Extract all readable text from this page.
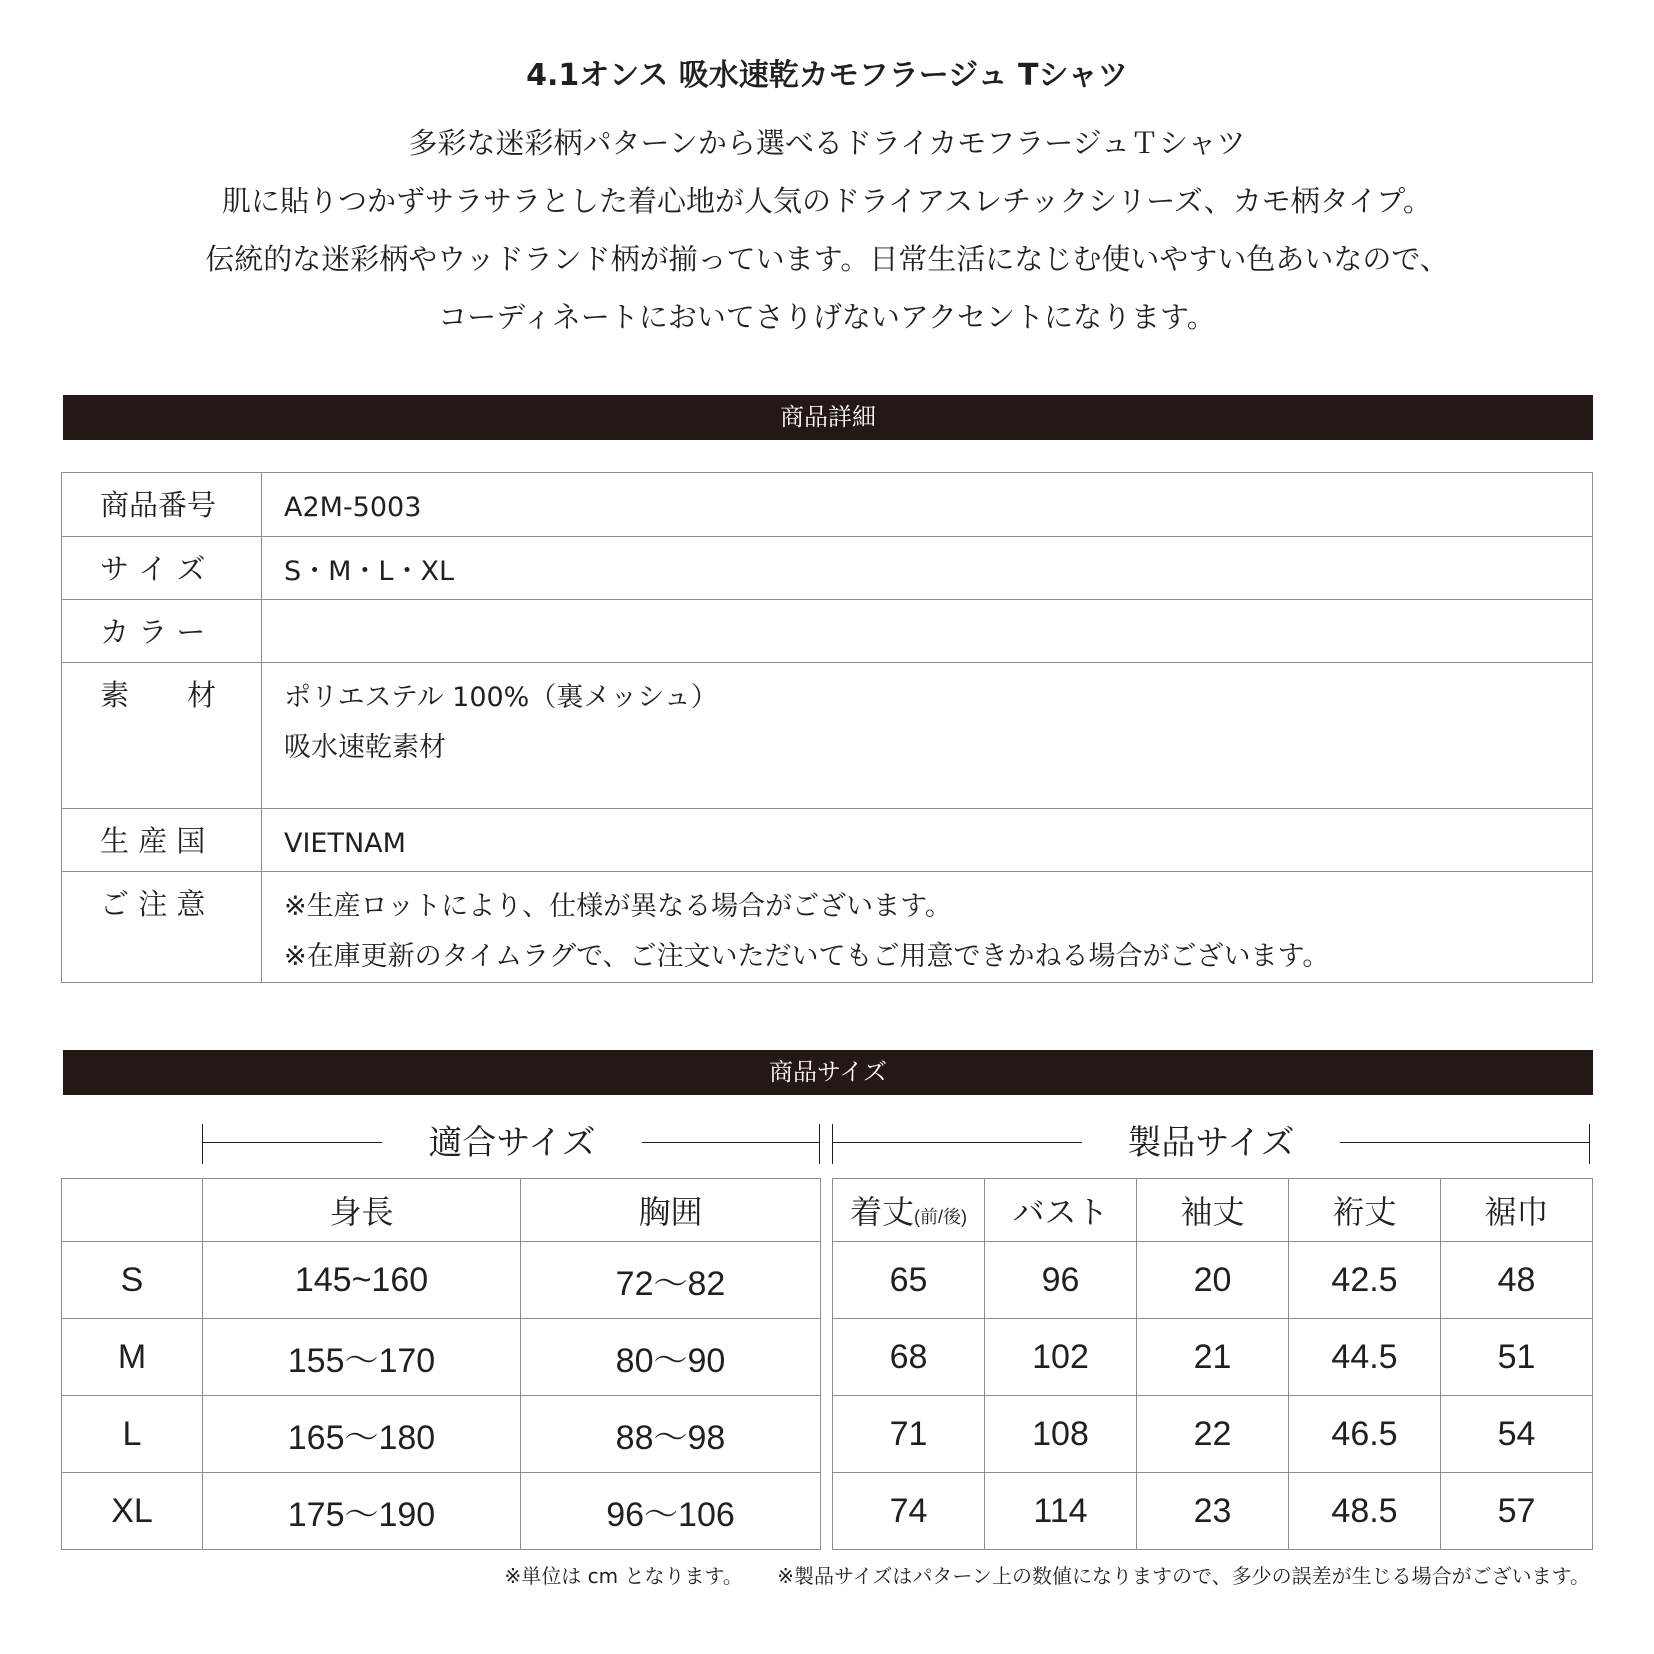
4.1オンス 吸水速乾カモフラージュ Tシャツ
多彩な迷彩柄パターンから選べるドライカモフラージュＴシャツ
肌に貼りつかずサラサラとした着心地が人気のドライアスレチックシリーズ、カモ柄タイプ。
伝統的な迷彩柄やウッドランド柄が揃っています。日常生活になじむ使いやすい色あいなので、
コーディネートにおいてさりげないアクセントになります。
商品詳細
商品番号	A2M-5003
サ イ ズ	S・M・L・XL
カ ラ ー	
素　　材	ポリエステル 100%（裏メッシュ）
吸水速乾素材

生 産 国	VIETNAM
ご 注 意	※生産ロットにより、仕様が異なる場合がございます。
※在庫更新のタイムラグで、ご注文いただいてもご用意できかねる場合がございます。
商品サイズ
適合サイズ	製品サイズ
	身長	胸囲
S	145~160	72～82
M	155～170	80～90
L	165～180	88～98
XL	175～190	96～106
着丈(前/後)	バスト	袖丈	裄丈	裾巾
65	96	20	42.5	48
68	102	21	44.5	51
71	108	22	46.5	54
74	114	23	48.5	57
※単位は cm となります。 ※製品サイズはパターン上の数値になりますので、多少の誤差が生じる場合がございます。
